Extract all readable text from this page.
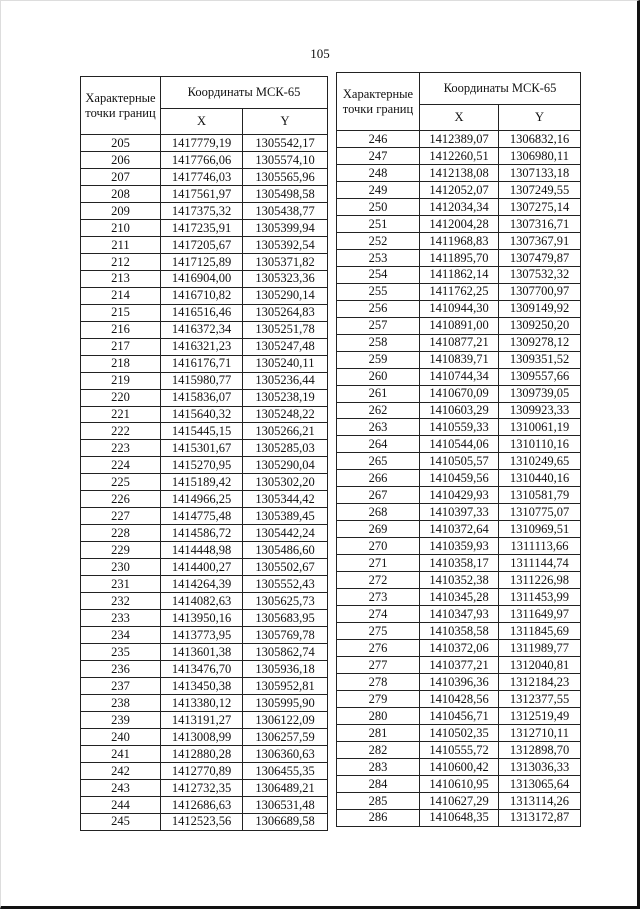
105
Характерные точки границ	Координаты МСК-65	
	X	Y
205	1417779,19	1305542,17
206	1417766,06	1305574,10
207	1417746,03	1305565,96
208	1417561,97	1305498,58
209	1417375,32	1305438,77
210	1417235,91	1305399,94
211	1417205,67	1305392,54
212	1417125,89	1305371,82
213	1416904,00	1305323,36
214	1416710,82	1305290,14
215	1416516,46	1305264,83
216	1416372,34	1305251,78
217	1416321,23	1305247,48
218	1416176,71	1305240,11
219	1415980,77	1305236,44
220	1415836,07	1305238,19
221	1415640,32	1305248,22
222	1415445,15	1305266,21
223	1415301,67	1305285,03
224	1415270,95	1305290,04
225	1415189,42	1305302,20
226	1414966,25	1305344,42
227	1414775,48	1305389,45
228	1414586,72	1305442,24
229	1414448,98	1305486,60
230	1414400,27	1305502,67
231	1414264,39	1305552,43
232	1414082,63	1305625,73
233	1413950,16	1305683,95
234	1413773,95	1305769,78
235	1413601,38	1305862,74
236	1413476,70	1305936,18
237	1413450,38	1305952,81
238	1413380,12	1305995,90
239	1413191,27	1306122,09
240	1413008,99	1306257,59
241	1412880,28	1306360,63
242	1412770,89	1306455,35
243	1412732,35	1306489,21
244	1412686,63	1306531,48
245	1412523,56	1306689,58
Характерные точки границ	Координаты МСК-65	
	X	Y
246	1412389,07	1306832,16
247	1412260,51	1306980,11
248	1412138,08	1307133,18
249	1412052,07	1307249,55
250	1412034,34	1307275,14
251	1412004,28	1307316,71
252	1411968,83	1307367,91
253	1411895,70	1307479,87
254	1411862,14	1307532,32
255	1411762,25	1307700,97
256	1410944,30	1309149,92
257	1410891,00	1309250,20
258	1410877,21	1309278,12
259	1410839,71	1309351,52
260	1410744,34	1309557,66
261	1410670,09	1309739,05
262	1410603,29	1309923,33
263	1410559,33	1310061,19
264	1410544,06	1310110,16
265	1410505,57	1310249,65
266	1410459,56	1310440,16
267	1410429,93	1310581,79
268	1410397,33	1310775,07
269	1410372,64	1310969,51
270	1410359,93	1311113,66
271	1410358,17	1311144,74
272	1410352,38	1311226,98
273	1410345,28	1311453,99
274	1410347,93	1311649,97
275	1410358,58	1311845,69
276	1410372,06	1311989,77
277	1410377,21	1312040,81
278	1410396,36	1312184,23
279	1410428,56	1312377,55
280	1410456,71	1312519,49
281	1410502,35	1312710,11
282	1410555,72	1312898,70
283	1410600,42	1313036,33
284	1410610,95	1313065,64
285	1410627,29	1313114,26
286	1410648,35	1313172,87
